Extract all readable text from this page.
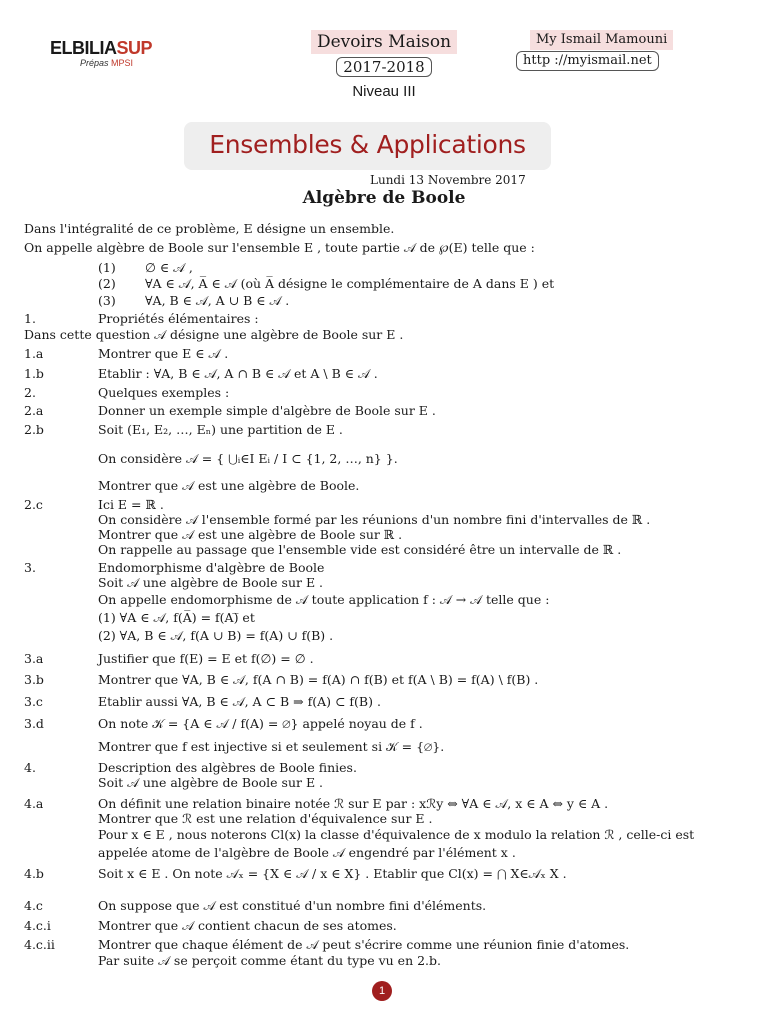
ELBILIASUP
Prépas MPSI
Devoirs Maison
2017-2018
Niveau III
My Ismail Mamouni
http ://myismail.net
Ensembles & Applications
Lundi 13 Novembre 2017
Algèbre de Boole
Dans l'intégralité de ce problème, E désigne un ensemble.
On appelle algèbre de Boole sur l'ensemble E , toute partie 𝒜 de ℘(E) telle que :
(1) ∅ ∈ 𝒜 ,
(2) ∀A ∈ 𝒜, A̅ ∈ 𝒜 (où A̅ désigne le complémentaire de A dans E ) et
(3) ∀A, B ∈ 𝒜, A ∪ B ∈ 𝒜 .
1.	Propriétés élémentaires :
Dans cette question 𝒜 désigne une algèbre de Boole sur E .
1.a	Montrer que E ∈ 𝒜 .
1.b	Etablir : ∀A, B ∈ 𝒜, A ∩ B ∈ 𝒜 et A \ B ∈ 𝒜 .
2.	Quelques exemples :
2.a	Donner un exemple simple d'algèbre de Boole sur E .
2.b	Soit (E₁, E₂, …, Eₙ) une partition de E .
On considère 𝒜 = { ⋃ᵢ∈I Eᵢ / I ⊂ {1, 2, …, n} }.
Montrer que 𝒜 est une algèbre de Boole.
2.c	Ici E = ℝ .
On considère 𝒜 l'ensemble formé par les réunions d'un nombre fini d'intervalles de ℝ .
Montrer que 𝒜 est une algèbre de Boole sur ℝ .
On rappelle au passage que l'ensemble vide est considéré être un intervalle de ℝ .
3.	Endomorphisme d'algèbre de Boole
Soit 𝒜 une algèbre de Boole sur E .
On appelle endomorphisme de 𝒜 toute application f : 𝒜 → 𝒜 telle que :
(1) ∀A ∈ 𝒜, f(A̅) = f(A)̅ et
(2) ∀A, B ∈ 𝒜, f(A ∪ B) = f(A) ∪ f(B) .
3.a	Justifier que f(E) = E et f(∅) = ∅ .
3.b	Montrer que ∀A, B ∈ 𝒜, f(A ∩ B) = f(A) ∩ f(B) et f(A \ B) = f(A) \ f(B) .
3.c	Etablir aussi ∀A, B ∈ 𝒜, A ⊂ B ⇒ f(A) ⊂ f(B) .
3.d	On note 𝒦 = {A ∈ 𝒜 / f(A) = ∅} appelé noyau de f .
Montrer que f est injective si et seulement si 𝒦 = {∅}.
4.	Description des algèbres de Boole finies.
Soit 𝒜 une algèbre de Boole sur E .
4.a	On définit une relation binaire notée ℛ sur E par : xℛy ⇔ ∀A ∈ 𝒜, x ∈ A ⇔ y ∈ A .
Montrer que ℛ est une relation d'équivalence sur E .
Pour x ∈ E , nous noterons Cl(x) la classe d'équivalence de x modulo la relation ℛ , celle-ci est
appelée atome de l'algèbre de Boole 𝒜 engendré par l'élément x .
4.b	Soit x ∈ E . On note 𝒜ₓ = {X ∈ 𝒜 / x ∈ X} . Etablir que Cl(x) = ⋂ X∈𝒜ₓ X .
4.c	On suppose que 𝒜 est constitué d'un nombre fini d'éléments.
4.c.i	Montrer que 𝒜 contient chacun de ses atomes.
4.c.ii	Montrer que chaque élément de 𝒜 peut s'écrire comme une réunion finie d'atomes.
Par suite 𝒜 se perçoit comme étant du type vu en 2.b.
1
